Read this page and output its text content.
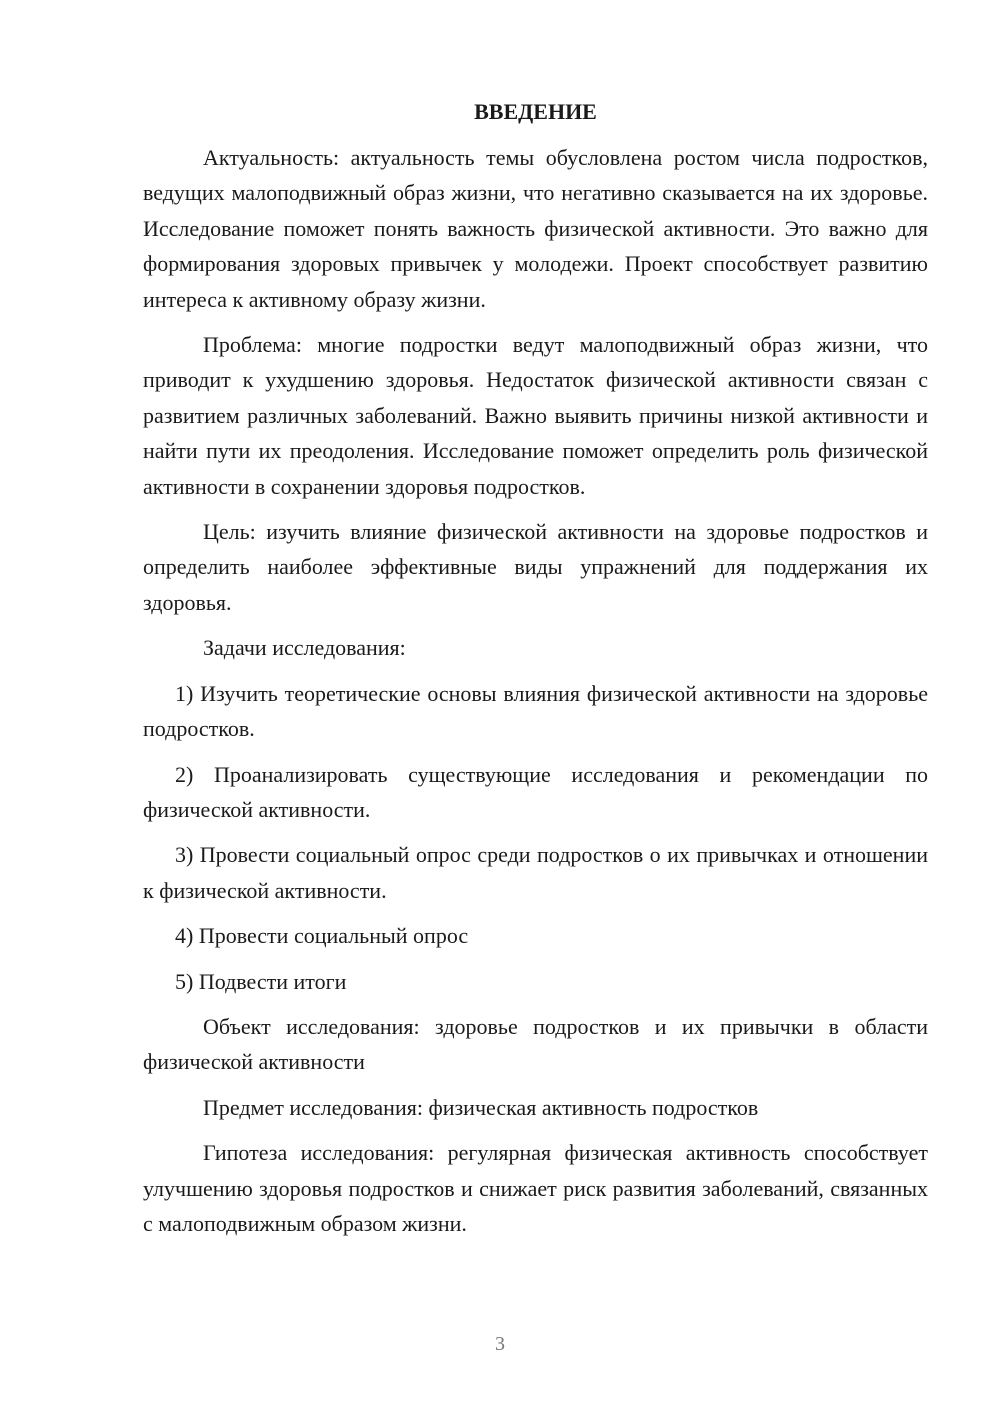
ВВЕДЕНИЕ

Актуальность: актуальность темы обусловлена ростом числа подростков, ведущих малоподвижный образ жизни, что негативно сказывается на их здоровье. Исследование поможет понять важность физической активности. Это важно для формирования здоровых привычек у молодежи. Проект способствует развитию интереса к активному образу жизни.

Проблема: многие подростки ведут малоподвижный образ жизни, что приводит к ухудшению здоровья. Недостаток физической активности связан с развитием различных заболеваний. Важно выявить причины низкой активности и найти пути их преодоления. Исследование поможет определить роль физической активности в сохранении здоровья подростков.

Цель: изучить влияние физической активности на здоровье подростков и определить наиболее эффективные виды упражнений для поддержания их здоровья.

Задачи исследования:

1) Изучить теоретические основы влияния физической активности на здоровье подростков.

2) Проанализировать существующие исследования и рекомендации по физической активности.

3) Провести социальный опрос среди подростков о их привычках и отношении к физической активности.

4) Провести социальный опрос

5) Подвести итоги

Объект исследования: здоровье подростков и их привычки в области физической активности

Предмет исследования: физическая активность подростков

Гипотеза исследования: регулярная физическая активность способствует улучшению здоровья подростков и снижает риск развития заболеваний, связанных с малоподвижным образом жизни.

3
